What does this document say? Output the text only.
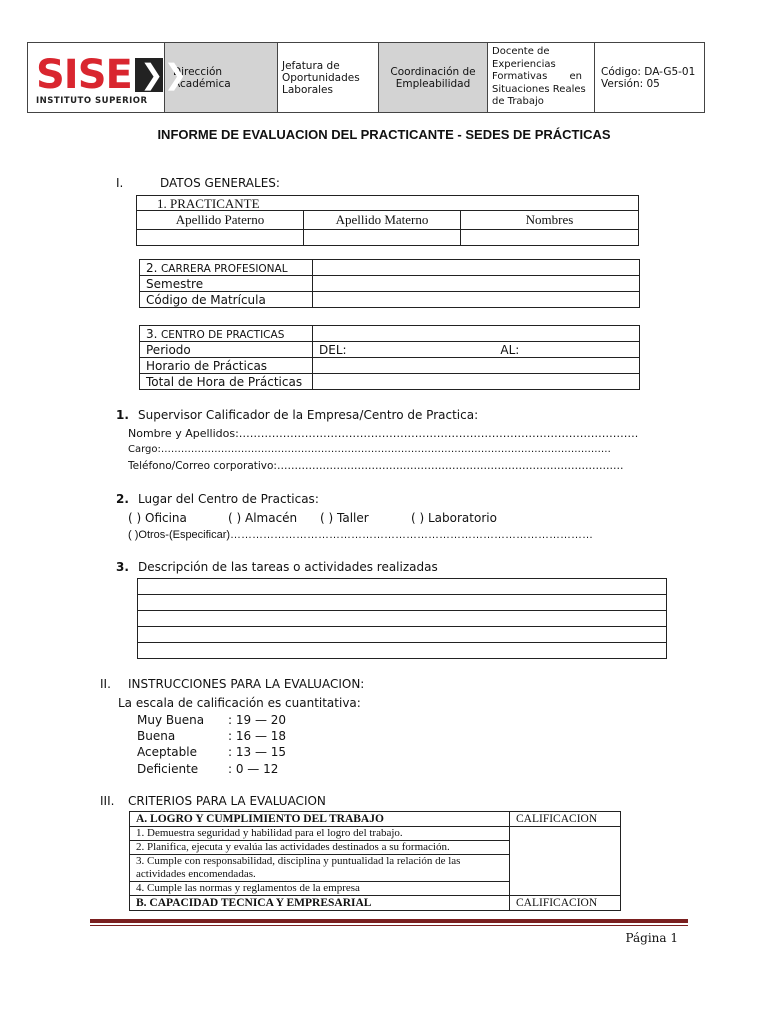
SISE ❯❯
INSTITUTO SUPERIOR
	Dirección
Académica	Jefatura de
Oportunidades
Laborales	Coordinación de
Empleabilidad	Docente de
Experiencias
Formativas       en
Situaciones Reales
de Trabajo	
Código: DA-G5-01
Versión: 05
INFORME DE EVALUACION DEL PRACTICANTE - SEDES DE PRÁCTICAS
I.	DATOS GENERALES:
1. PRACTICANTE		
Apellido Paterno	Apellido Materno	Nombres

2. CARRERA PROFESIONAL	
Semestre	
Código de Matrícula	
3. CENTRO DE PRACTICAS	
Periodo	DEL: AL:
Horario de Prácticas	
Total de Hora de Prácticas	
1. Supervisor Calificador de la Empresa/Centro de Practica:
Nombre y Apellidos:……………………………………………………………………………………………….
Cargo:………………………………………………………………………………………………………………………
Teléfono/Correo corporativo:………………………………………………………………………………………
2. Lugar del Centro de Practicas:
( ) Oficina	( ) Almacén ( ) Taller	( ) Laboratorio
( )Otros-(Especificar)………………………………………………………………………………………
3. Descripción de las tareas o actividades realizadas

II. INSTRUCCIONES PARA LA EVALUACION:
La escala de calificación es cuantitativa:
Muy Buena : 19 — 20
Buena	: 16 — 18
Aceptable	: 13 — 15
Deficiente : 0 — 12
III. CRITERIOS PARA LA EVALUACION
A. LOGRO Y CUMPLIMIENTO DEL TRABAJO	CALIFICACION
1. Demuestra seguridad y habilidad para el logro del trabajo.	
2. Planifica, ejecuta y evalúa las actividades destinados a su formación.	
3. Cumple con responsabilidad, disciplina y puntualidad la relación de las actividades encomendadas.	
4. Cumple las normas y reglamentos de la empresa	
B. CAPACIDAD TECNICA Y EMPRESARIAL	CALIFICACION
Página 1
